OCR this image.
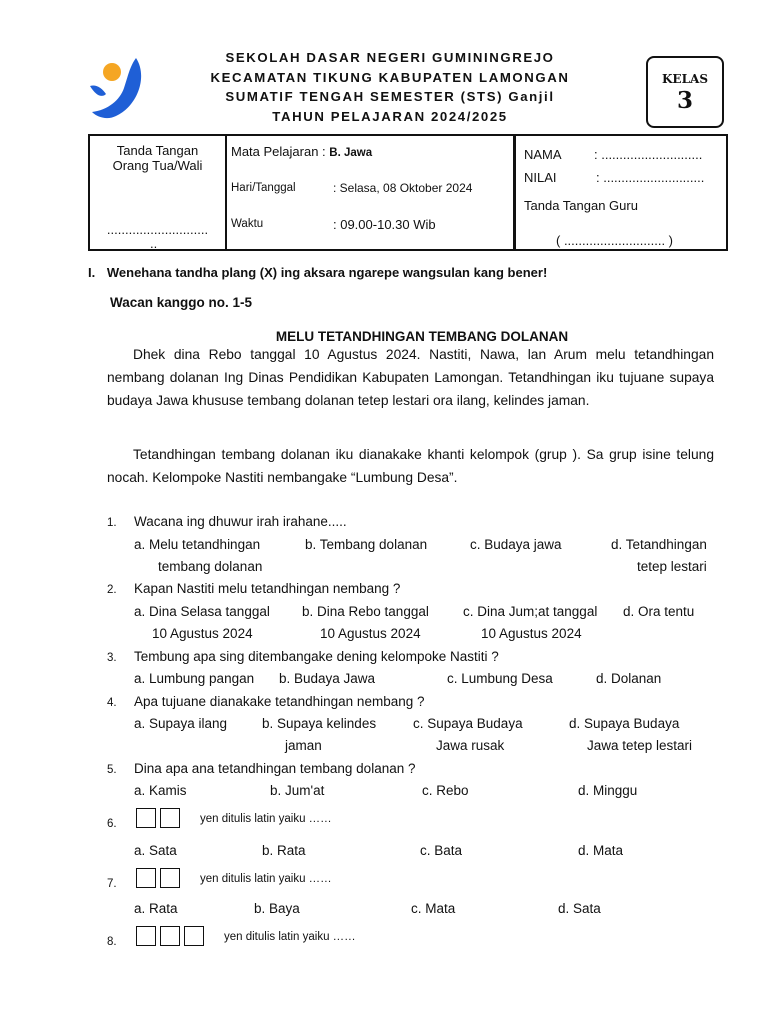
SEKOLAH DASAR NEGERI GUMININGREJO
KECAMATAN TIKUNG KABUPATEN LAMONGAN
SUMATIF TENGAH SEMESTER (STS) Ganjil
TAHUN PELAJARAN 2024/2025
KELAS
3
Tanda Tangan Orang Tua/Wali
............................
..
Mata Pelajaran : B. Jawa
Hari/Tanggal	: Selasa, 08 Oktober 2024
Waktu	: 09.00-10.30 Wib
NAMA : ............................
NILAI	: ............................
Tanda Tangan Guru
( ............................ )
I. Wenehana tandha plang (X) ing aksara ngarepe wangsulan kang bener!
Wacan kanggo no. 1-5
MELU TETANDHINGAN TEMBANG DOLANAN

Dhek dina Rebo tanggal 10 Agustus 2024. Nastiti, Nawa, lan Arum melu tetandhingan nembang dolanan Ing Dinas Pendidikan Kabupaten Lamongan. Tetandhingan iku tujuane supaya budaya Jawa khususe tembang dolanan tetep lestari ora ilang, kelindes jaman.

Tetandhingan tembang dolanan iku dianakake khanti kelompok (grup ). Sa grup isine telung nocah. Kelompoke Nastiti nembangake “Lumbung Desa”.

1. Wacana ing dhuwur irah irahane.....
a. Melu tetandhingan
tembang dolanan
b. Tembang dolanan	c. Budaya jawa	d. Tetandhingan
tetep lestari
2. Kapan Nastiti melu tetandhingan nembang ?
a. Dina Selasa tanggal
10 Agustus 2024
b. Dina Rebo tanggal
10 Agustus 2024
c. Dina Jum;at tanggal
10 Agustus 2024
d. Ora tentu
3. Tembung apa sing ditembangake dening kelompoke Nastiti ?
a. Lumbung pangan b. Budaya Jawa	c. Lumbung Desa	d. Dolanan
4. Apa tujuane dianakake tetandhingan nembang ?
a. Supaya ilang	b. Supaya kelindes
jaman
c. Supaya Budaya
Jawa rusak
d. Supaya Budaya
Jawa tetep lestari
5. Dina apa ana tetandhingan tembang dolanan ?
a. Kamis	b. Jum'at	c. Rebo	d. Minggu
6.	yen ditulis latin yaiku ……
a. Sata	b. Rata	c. Bata	d. Mata
7.	yen ditulis latin yaiku ……
a. Rata	b. Baya	c. Mata	d. Sata
8.	yen ditulis latin yaiku ……
